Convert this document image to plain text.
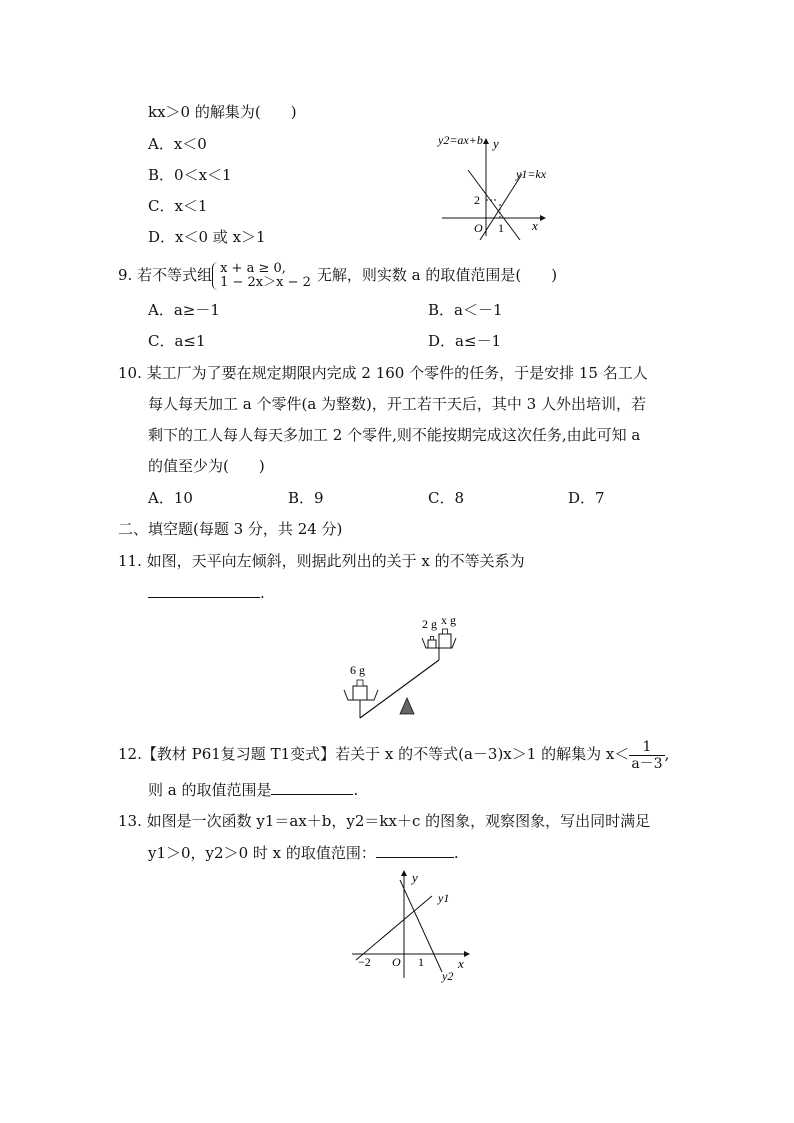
kx＞0 的解集为(　　)
A．x＜0
B．0＜x＜1
C．x＜1
D．x＜0 或 x＞1
y2=ax+b y
y1=kx
2
O 1 x
9. 若不等式组 x + a ≥ 0,
1 − 2x＞x − 2 无解，则实数 a 的取值范围是(　　)
A．a≥－1	B．a＜－1
C．a≤1	D．a≤－1
10. 某工厂为了要在规定期限内完成 2 160 个零件的任务，于是安排 15 名工人
每人每天加工 a 个零件(a 为整数)，开工若干天后，其中 3 人外出培训，若
剩下的工人每人每天多加工 2 个零件,则不能按期完成这次任务,由此可知 a
的值至少为(　　)
A．10	B．9	C．8	D．7
二、填空题(每题 3 分，共 24 分)
11. 如图，天平向左倾斜，则据此列出的关于 x 的不等关系为
.
6 g
2 g x g
12.【教材 P61复习题 T1变式】若关于 x 的不等式(a－3)x＞1 的解集为 $x< \frac{1}{a-3}$ ,
则 a 的取值范围是	.
13. 如图是一次函数 y1＝ax＋b，y2＝kx＋c 的图象，观察图象，写出同时满足
y1＞0，y2＞0 时 x 的取值范围：	.
y
y1
−2 O 1	x
y2
